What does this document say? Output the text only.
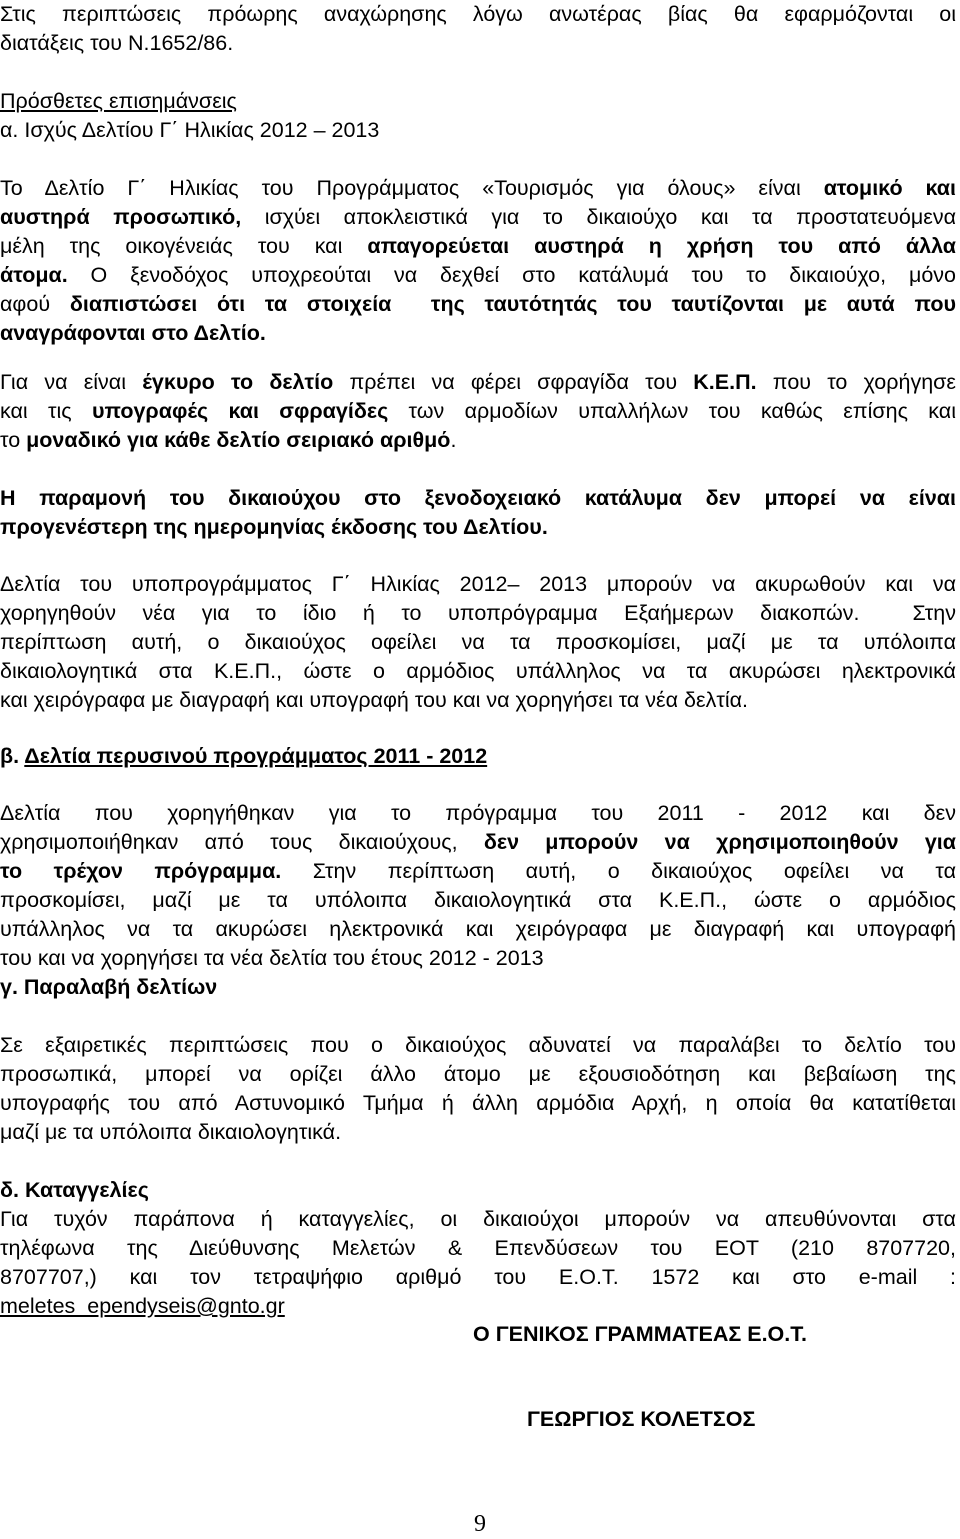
Στις περιπτώσεις πρόωρης αναχώρησης λόγω ανωτέρας βίας θα εφαρμόζονται οι
διατάξεις του Ν.1652/86.
Πρόσθετες επισημάνσεις
α. Ισχύς Δελτίου Γ΄ Ηλικίας 2012 – 2013
Το Δελτίο Γ΄ Ηλικίας του Προγράμματος «Τουρισμός για όλους» είναι ατομικό και
αυστηρά προσωπικό, ισχύει αποκλειστικά για το δικαιούχο και τα προστατευόμενα
μέλη της οικογένειάς του και απαγορεύεται αυστηρά η χρήση του από άλλα
άτομα. Ο ξενοδόχος υποχρεούται να δεχθεί στο κατάλυμά του το δικαιούχο, μόνο
αφού διαπιστώσει ότι τα στοιχεία  της ταυτότητάς του ταυτίζονται με αυτά που
αναγράφονται στο Δελτίο.
Για να είναι έγκυρο το δελτίο πρέπει να φέρει σφραγίδα του Κ.Ε.Π. που το χορήγησε
και τις υπογραφές και σφραγίδες των αρμοδίων υπαλλήλων του καθώς επίσης και
το μοναδικό για κάθε δελτίο σειριακό αριθμό.
Η παραμονή του δικαιούχου στο ξενοδοχειακό κατάλυμα δεν μπορεί να είναι
προγενέστερη της ημερομηνίας έκδοσης του Δελτίου.
Δελτία του υποπρογράμματος Γ΄ Ηλικίας 2012– 2013 μπορούν να ακυρωθούν και να
χορηγηθούν νέα για το ίδιο ή το υποπρόγραμμα Εξαήμερων διακοπών.  Στην
περίπτωση αυτή, ο δικαιούχος οφείλει να τα προσκομίσει, μαζί με τα υπόλοιπα
δικαιολογητικά στα Κ.Ε.Π., ώστε ο αρμόδιος υπάλληλος να τα ακυρώσει ηλεκτρονικά
και χειρόγραφα με διαγραφή και υπογραφή του και να χορηγήσει τα νέα δελτία.
β. Δελτία περυσινού προγράμματος 2011 - 2012
Δελτία που χορηγήθηκαν για το πρόγραμμα του 2011 - 2012 και δεν
χρησιμοποιήθηκαν από τους δικαιούχους, δεν μπορούν να χρησιμοποιηθούν για
το τρέχον πρόγραμμα. Στην περίπτωση αυτή, ο δικαιούχος οφείλει να τα
προσκομίσει, μαζί με τα υπόλοιπα δικαιολογητικά στα Κ.Ε.Π., ώστε ο αρμόδιος
υπάλληλος να τα ακυρώσει ηλεκτρονικά και χειρόγραφα με διαγραφή και υπογραφή
του και να χορηγήσει τα νέα δελτία του έτους 2012 - 2013
γ. Παραλαβή δελτίων
Σε εξαιρετικές περιπτώσεις που ο δικαιούχος αδυνατεί να παραλάβει το δελτίο του
προσωπικά, μπορεί να ορίζει άλλο άτομο με εξουσιοδότηση και βεβαίωση της
υπογραφής του από Αστυνομικό Τμήμα ή άλλη αρμόδια Αρχή, η οποία θα κατατίθεται
μαζί με τα υπόλοιπα δικαιολογητικά.
δ. Καταγγελίες
Για τυχόν παράπονα ή καταγγελίες, οι δικαιούχοι μπορούν να απευθύνονται στα
τηλέφωνα της Διεύθυνσης Μελετών & Επενδύσεων του ΕΟΤ (210 8707720,
8707707,) και τον τετραψήφιο αριθμό του Ε.Ο.Τ. 1572 και στο e-mail :
meletes_ependyseis@gnto.gr
Ο ΓΕΝΙΚΟΣ ΓΡΑΜΜΑΤΕΑΣ Ε.Ο.Τ.
ΓΕΩΡΓΙΟΣ ΚΟΛΕΤΣΟΣ
9
